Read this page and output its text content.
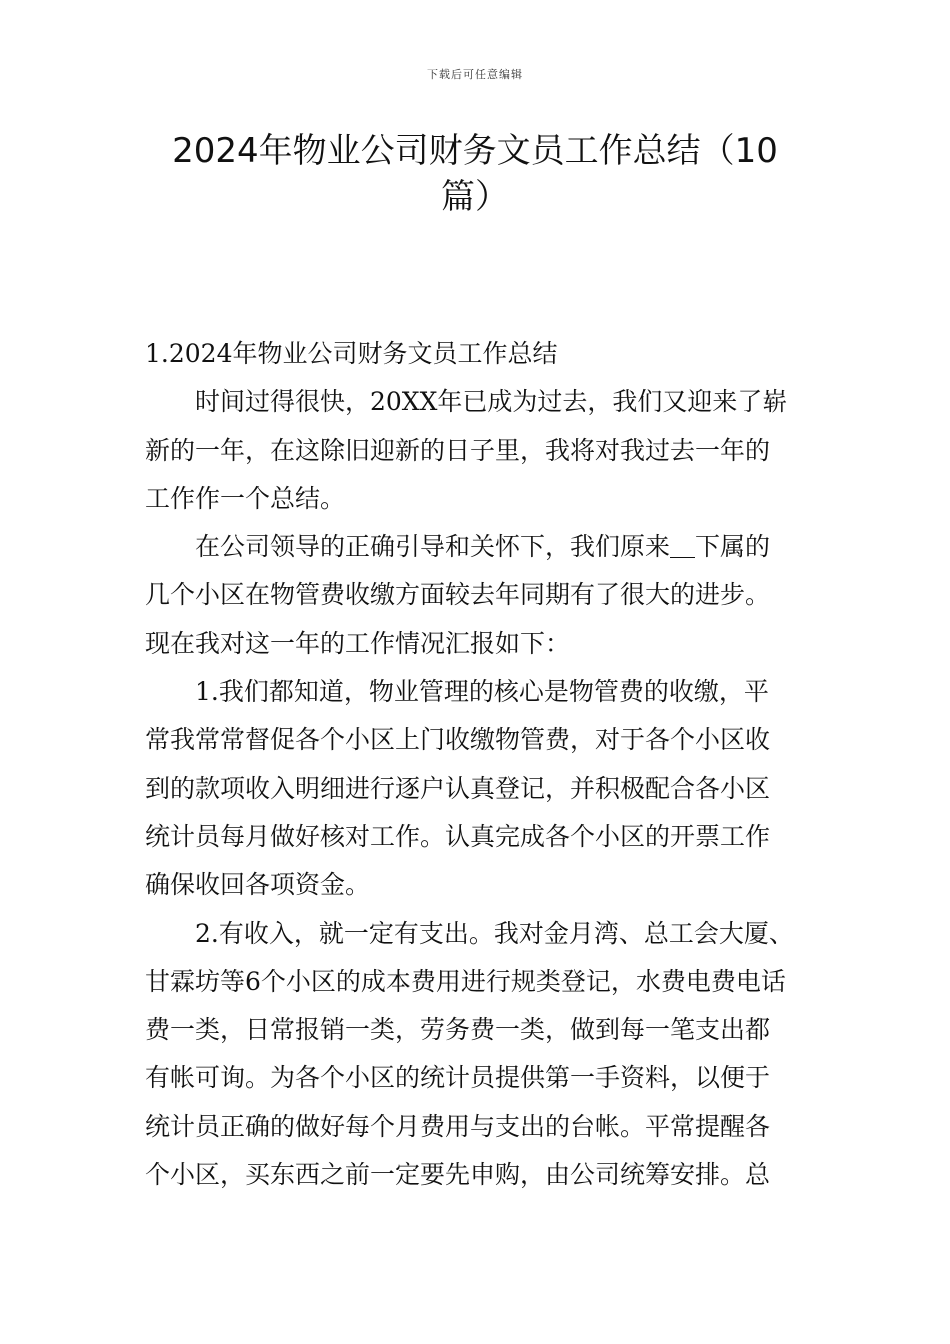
下载后可任意编辑
2024年物业公司财务文员工作总结（10
篇）
1.2024年物业公司财务文员工作总结
时间过得很快，20XX年已成为过去，我们又迎来了崭
新的一年，在这除旧迎新的日子里，我将对我过去一年的
工作作一个总结。
在公司领导的正确引导和关怀下，我们原来＿下属的
几个小区在物管费收缴方面较去年同期有了很大的进步。
现在我对这一年的工作情况汇报如下：
1.我们都知道，物业管理的核心是物管费的收缴，平
常我常常督促各个小区上门收缴物管费，对于各个小区收
到的款项收入明细进行逐户认真登记，并积极配合各小区
统计员每月做好核对工作。认真完成各个小区的开票工作
确保收回各项资金。
2.有收入，就一定有支出。我对金月湾、总工会大厦、
甘霖坊等6个小区的成本费用进行规类登记，水费电费电话
费一类，日常报销一类，劳务费一类，做到每一笔支出都
有帐可询。为各个小区的统计员提供第一手资料，以便于
统计员正确的做好每个月费用与支出的台帐。平常提醒各
个小区，买东西之前一定要先申购，由公司统筹安排。总
